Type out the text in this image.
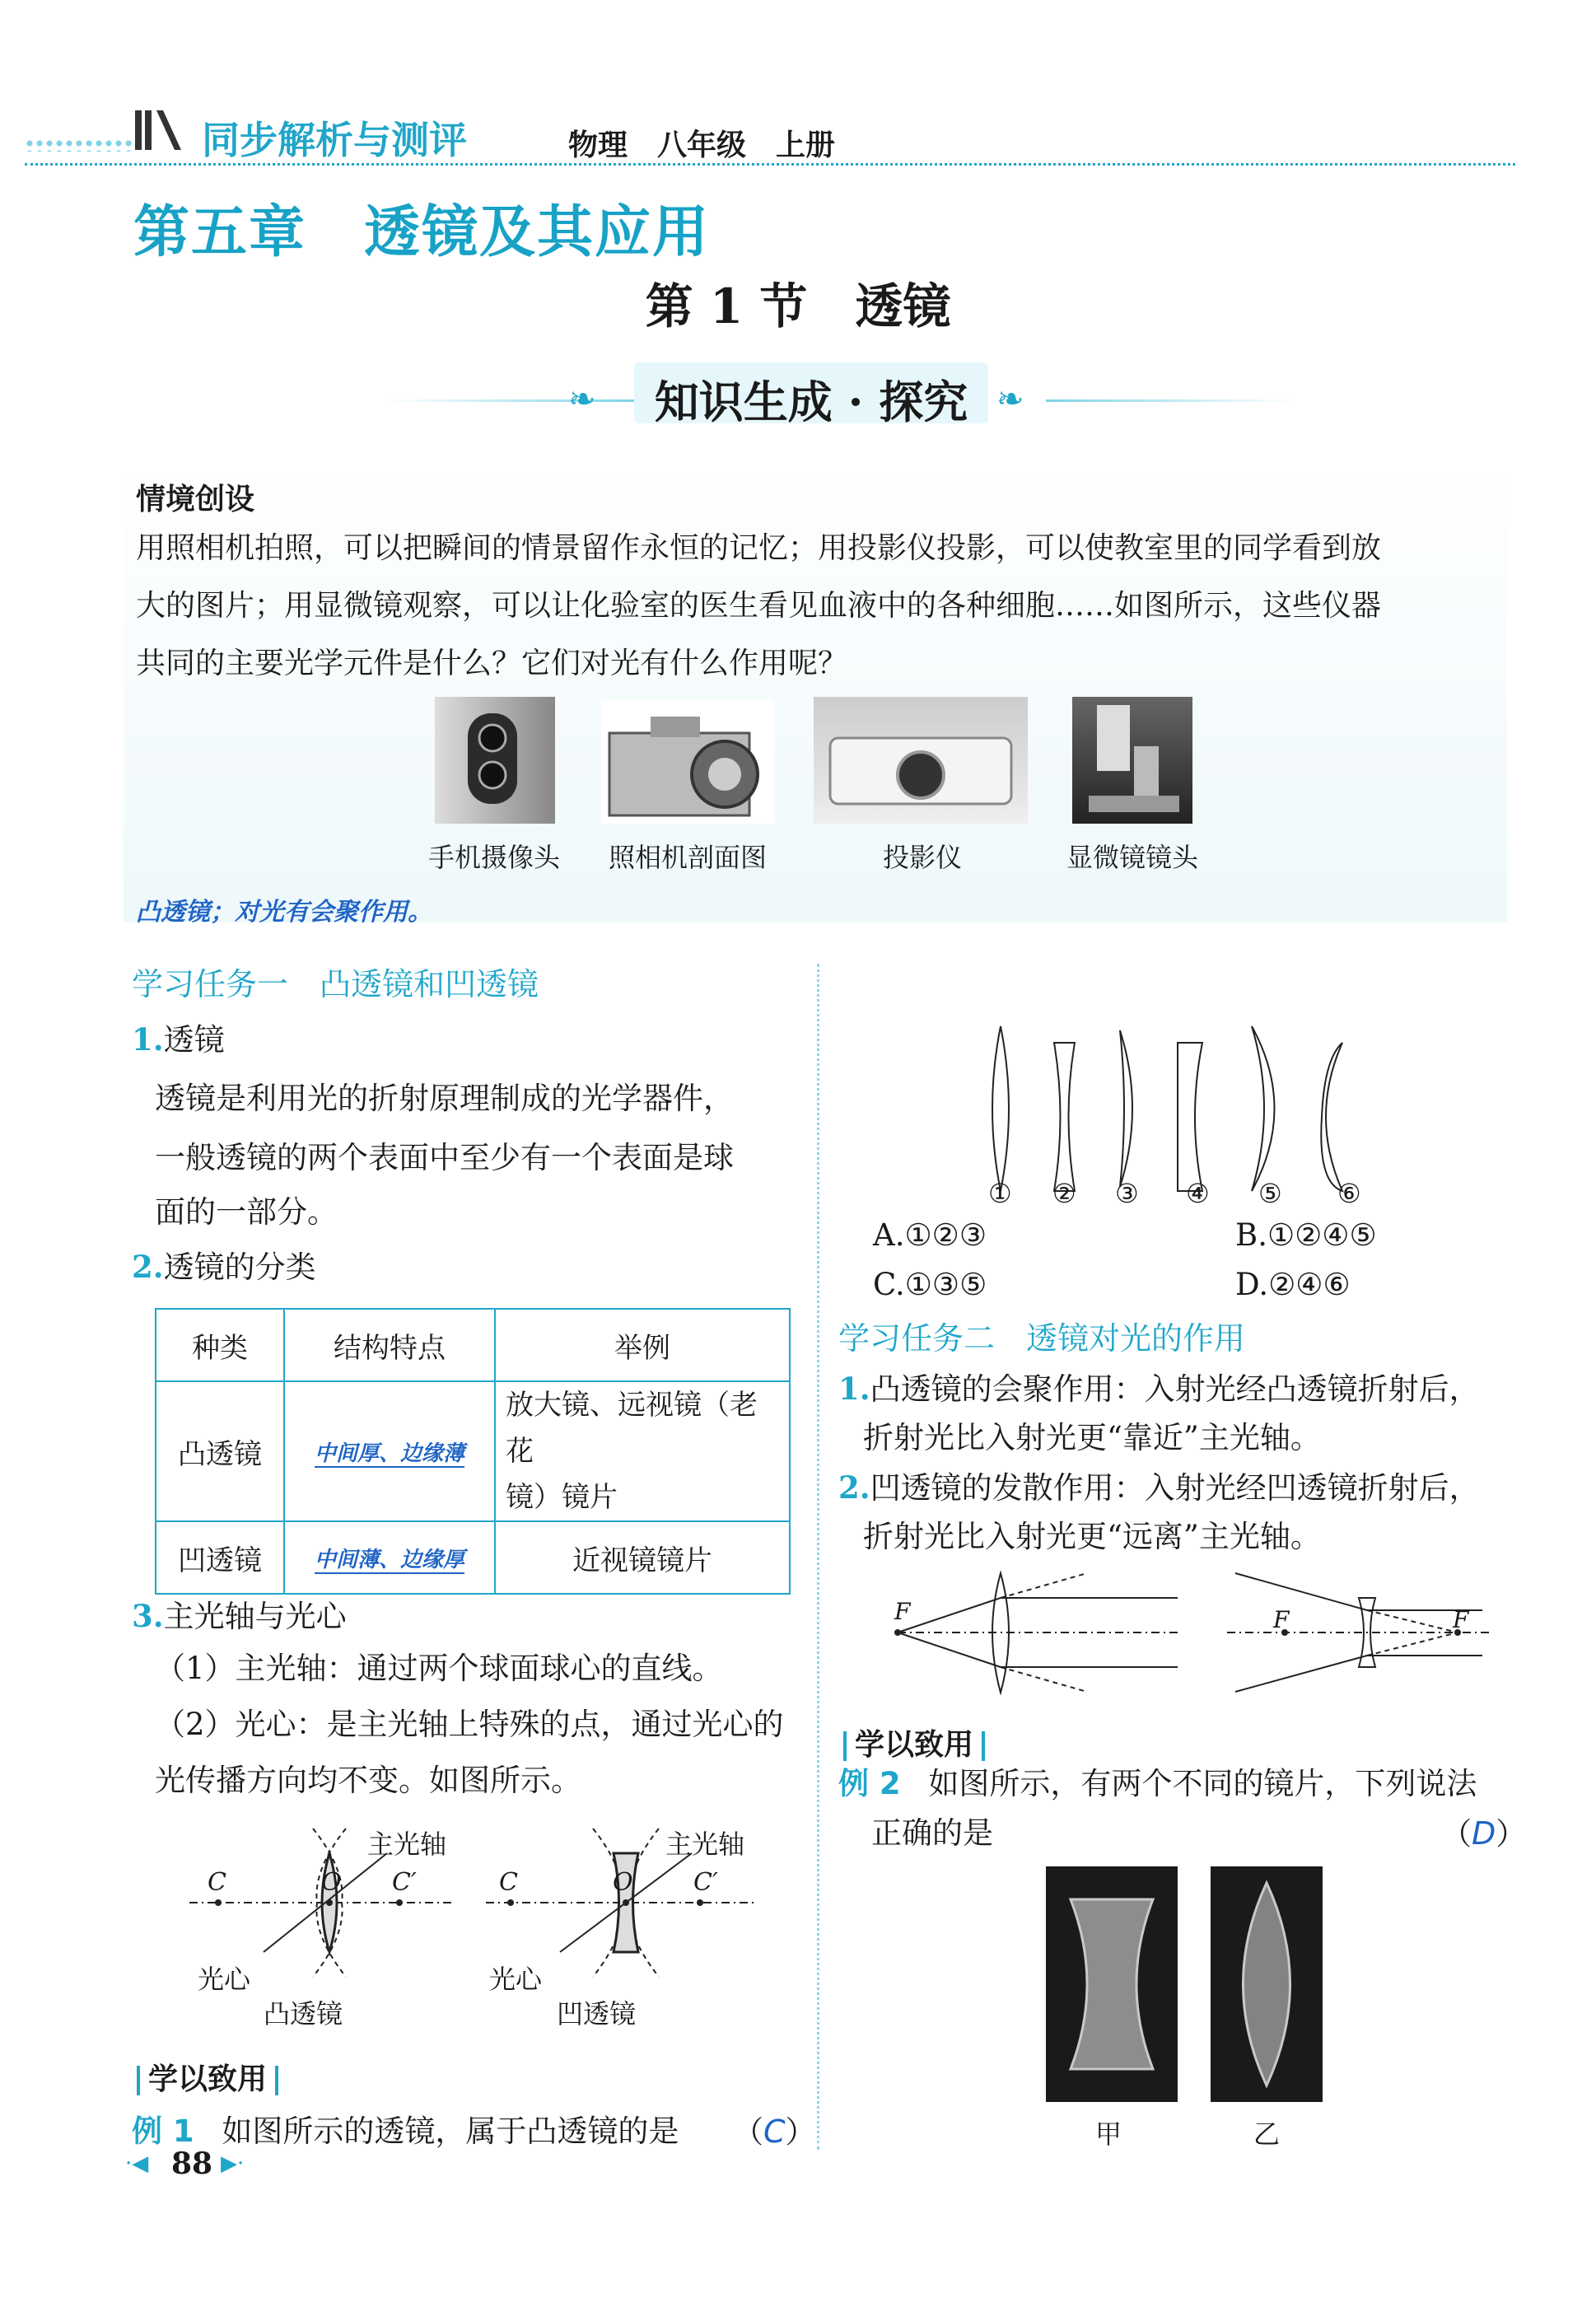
同步解析与测评	物理　八年级　上册
第五章　透镜及其应用
第 1 节　透镜
❧	❧
知识生成 · 探究
情境创设
用照相机拍照，可以把瞬间的情景留作永恒的记忆；用投影仪投影，可以使教室里的同学看到放
大的图片；用显微镜观察，可以让化验室的医生看见血液中的各种细胞……如图所示，这些仪器
共同的主要光学元件是什么？它们对光有什么作用呢？
手机摄像头	照相机剖面图	投影仪	显微镜镜头
凸透镜；对光有会聚作用。
学习任务一　凸透镜和凹透镜
1.透镜
透镜是利用光的折射原理制成的光学器件，
一般透镜的两个表面中至少有一个表面是球
面的一部分。
2.透镜的分类
种类	结构特点	举例
凸透镜	中间厚、边缘薄	放大镜、远视镜（老花
镜）镜片

凹透镜	中间薄、边缘厚	近视镜镜片
3.主光轴与光心
（1）主光轴：通过两个球面球心的直线。
（2）光心：是主光轴上特殊的点，通过光心的
光传播方向均不变。如图所示。
主光轴
C	O C′
光心
凸透镜
主光轴
C	O C′
光心
凹透镜
学以致用
例 1 如图所示的透镜，属于凸透镜的是 （C）
·◀ 88 ▶·
① ② ③ ④ ⑤ ⑥
A.①②③	B.①②④⑤
C.①③⑤	D.②④⑥
学习任务二　透镜对光的作用
1.凸透镜的会聚作用：入射光经凸透镜折射后，
折射光比入射光更“靠近”主光轴。
2.凹透镜的发散作用：入射光经凹透镜折射后，
折射光比入射光更“远离”主光轴。
F	F	F
学以致用
例 2 如图所示，有两个不同的镜片，下列说法
正确的是	（D）
甲	乙
